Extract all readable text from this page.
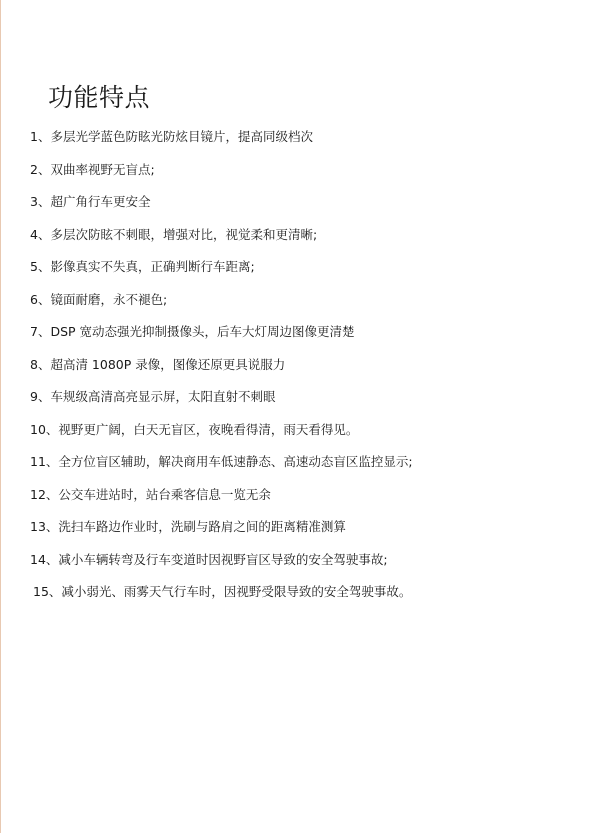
功能特点
1、多层光学蓝色防眩光防炫目镜片，提高同级档次
2、双曲率视野无盲点;
3、超广角行车更安全
4、多层次防眩不刺眼，增强对比，视觉柔和更清晰;
5、影像真实不失真，正确判断行车距离;
6、镜面耐磨，永不褪色;
7、DSP 宽动态强光抑制摄像头，后车大灯周边图像更清楚
8、超高清 1080P 录像，图像还原更具说服力
9、车规级高清高亮显示屏，太阳直射不刺眼
10、视野更广阔，白天无盲区，夜晚看得清，雨天看得见。
11、全方位盲区辅助，解决商用车低速静态、高速动态盲区监控显示;
12、公交车进站时，站台乘客信息一览无余
13、洗扫车路边作业时，洗刷与路肩之间的距离精准测算
14、减小车辆转弯及行车变道时因视野盲区导致的安全驾驶事故;
15、减小弱光、雨雾天气行车时，因视野受限导致的安全驾驶事故。
